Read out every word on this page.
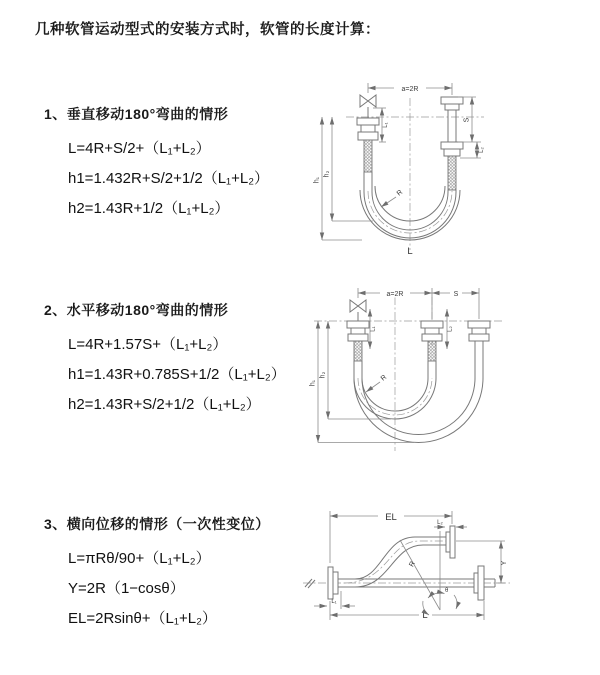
几种软管运动型式的安装方式时，软管的长度计算：
1、垂直移动180°弯曲的情形
L=4R+S/2+（L₁+L₂）
h1=1.432R+S/2+1/2（L₁+L₂）
h2=1.43R+1/2（L₁+L₂）
2、水平移动180°弯曲的情形
L=4R+1.57S+（L₁+L₂）
h1=1.43R+0.785S+1/2（L₁+L₂）
h2=1.43R+S/2+1/2（L₁+L₂）
3、横向位移的情形（一次性变位）
L=πRθ/90+（L₁+L₂）
Y=2R（1−cosθ）
EL=2Rsinθ+（L₁+L₂）
a=2R
S
L₂
L₁
h₁
h₂
R
L
a=2R	S
h₁
h₂
L₁	L₂
R
EL	L₂
Y
L
L₁
R
θ
